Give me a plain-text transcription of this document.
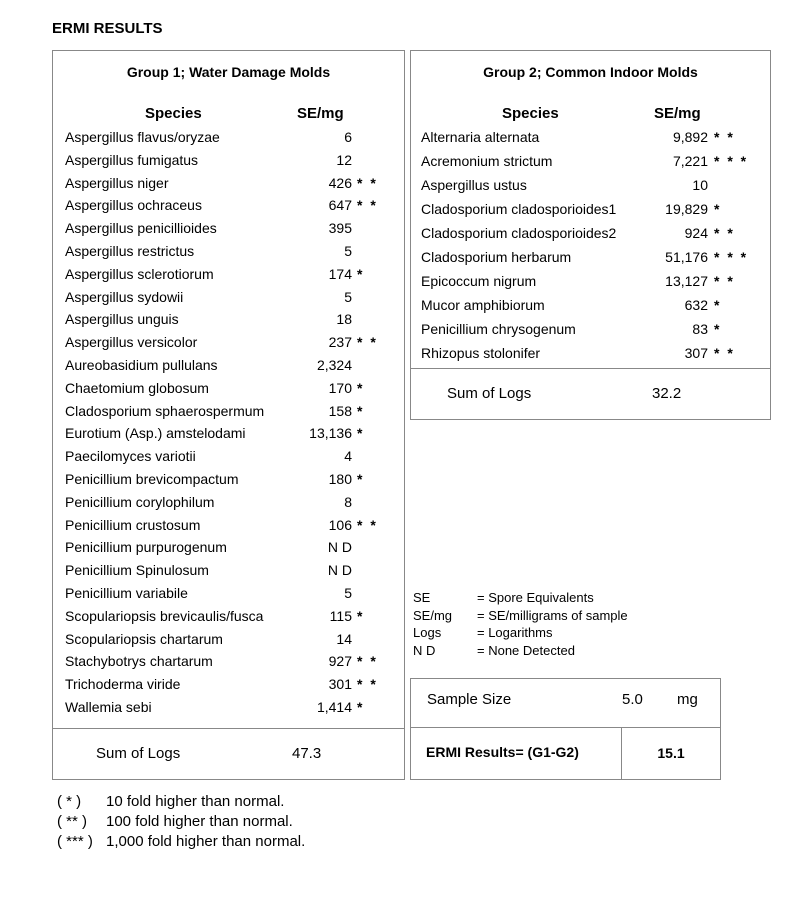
ERMI RESULTS
Group 1; Water Damage Molds
Species	SE/mg
Aspergillus flavus/oryzae	6
Aspergillus fumigatus	12
Aspergillus niger	426 * *
Aspergillus ochraceus	647 * *
Aspergillus penicillioides	395
Aspergillus restrictus	5
Aspergillus sclerotiorum	174 *
Aspergillus sydowii	5
Aspergillus unguis	18
Aspergillus versicolor	237 * *
Aureobasidium pullulans	2,324
Chaetomium globosum	170 *
Cladosporium sphaerospermum	158 *
Eurotium (Asp.) amstelodami	13,136 *
Paecilomyces variotii	4
Penicillium brevicompactum	180 *
Penicillium corylophilum	8
Penicillium crustosum	106 * *
Penicillium purpurogenum	N D
Penicillium Spinulosum	N D
Penicillium variabile	5
Scopulariopsis brevicaulis/fusca	115 *
Scopulariopsis chartarum	14
Stachybotrys chartarum	927 * *
Trichoderma viride	301 * *
Wallemia sebi	1,414 *
Sum of Logs	47.3
Group 2; Common Indoor Molds
Species	SE/mg
Alternaria alternata	9,892 * *
Acremonium strictum	7,221 * * *
Aspergillus ustus	10
Cladosporium cladosporioides1	19,829 *
Cladosporium cladosporioides2	924 * *
Cladosporium herbarum	51,176 * * *
Epicoccum nigrum	13,127 * *
Mucor amphibiorum	632 *
Penicillium chrysogenum	83 *
Rhizopus stolonifer	307 * *
Sum of Logs	32.2
SE	= Spore Equivalents
SE/mg = SE/milligrams of sample
Logs	= Logarithms
N D	= None Detected
Sample Size	5.0 mg
ERMI Results= (G1-G2)	15.1
( * ) 10 fold higher than normal.
( ** ) 100 fold higher than normal.
( *** ) 1,000 fold higher than normal.
